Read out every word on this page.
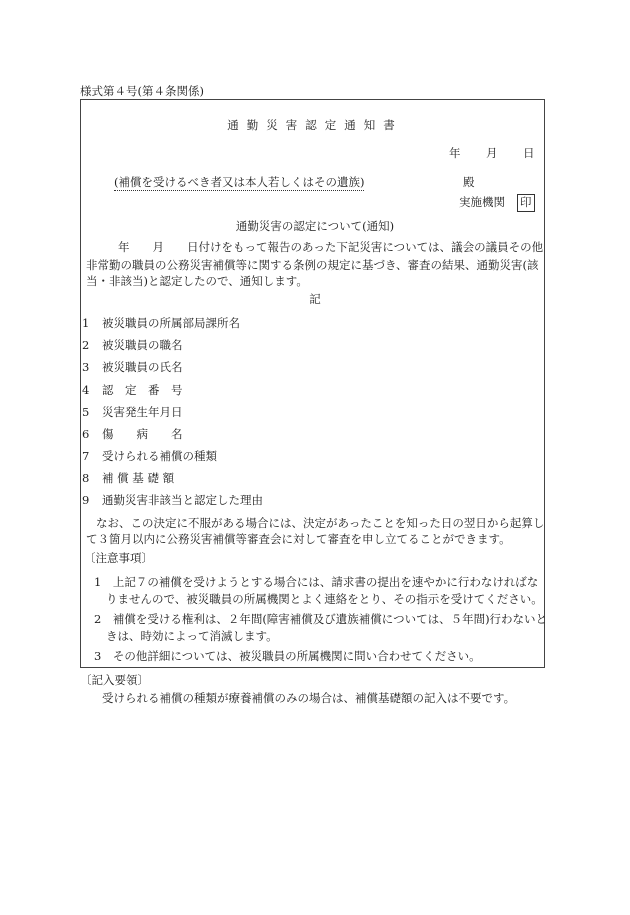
様式第４号(第４条関係)
通勤災害認定通知書
年 月 日
(補償を受けるべき者又は本人若しくはその遺族)	殿
実施機関 印
通勤災害の認定について(通知)
年　　月　　日付けをもって報告のあった下記災害については、議会の議員その他
非常勤の職員の公務災害補償等に関する条例の規定に基づき、審査の結果、通勤災害(該
当・非該当)と認定したので、通知します。
記
1 被災職員の所属部局課所名
2 被災職員の職名
3 被災職員の氏名
4 認　定　番　号
5 災害発生年月日
6 傷　　病　　名
7 受けられる補償の種類
8 補 償 基 礎 額
9 通勤災害非該当と認定した理由
なお、この決定に不服がある場合には、決定があったことを知った日の翌日から起算し
て３箇月以内に公務災害補償等審査会に対して審査を申し立てることができます。
〔注意事項〕
1　上記７の補償を受けようとする場合には、請求書の提出を速やかに行わなければな
りませんので、被災職員の所属機関とよく連絡をとり、その指示を受けてください。
2　補償を受ける権利は、２年間(障害補償及び遺族補償については、５年間)行わないと
きは、時効によって消滅します。
3　その他詳細については、被災職員の所属機関に問い合わせてください。
〔記入要領〕
受けられる補償の種類が療養補償のみの場合は、補償基礎額の記入は不要です。
